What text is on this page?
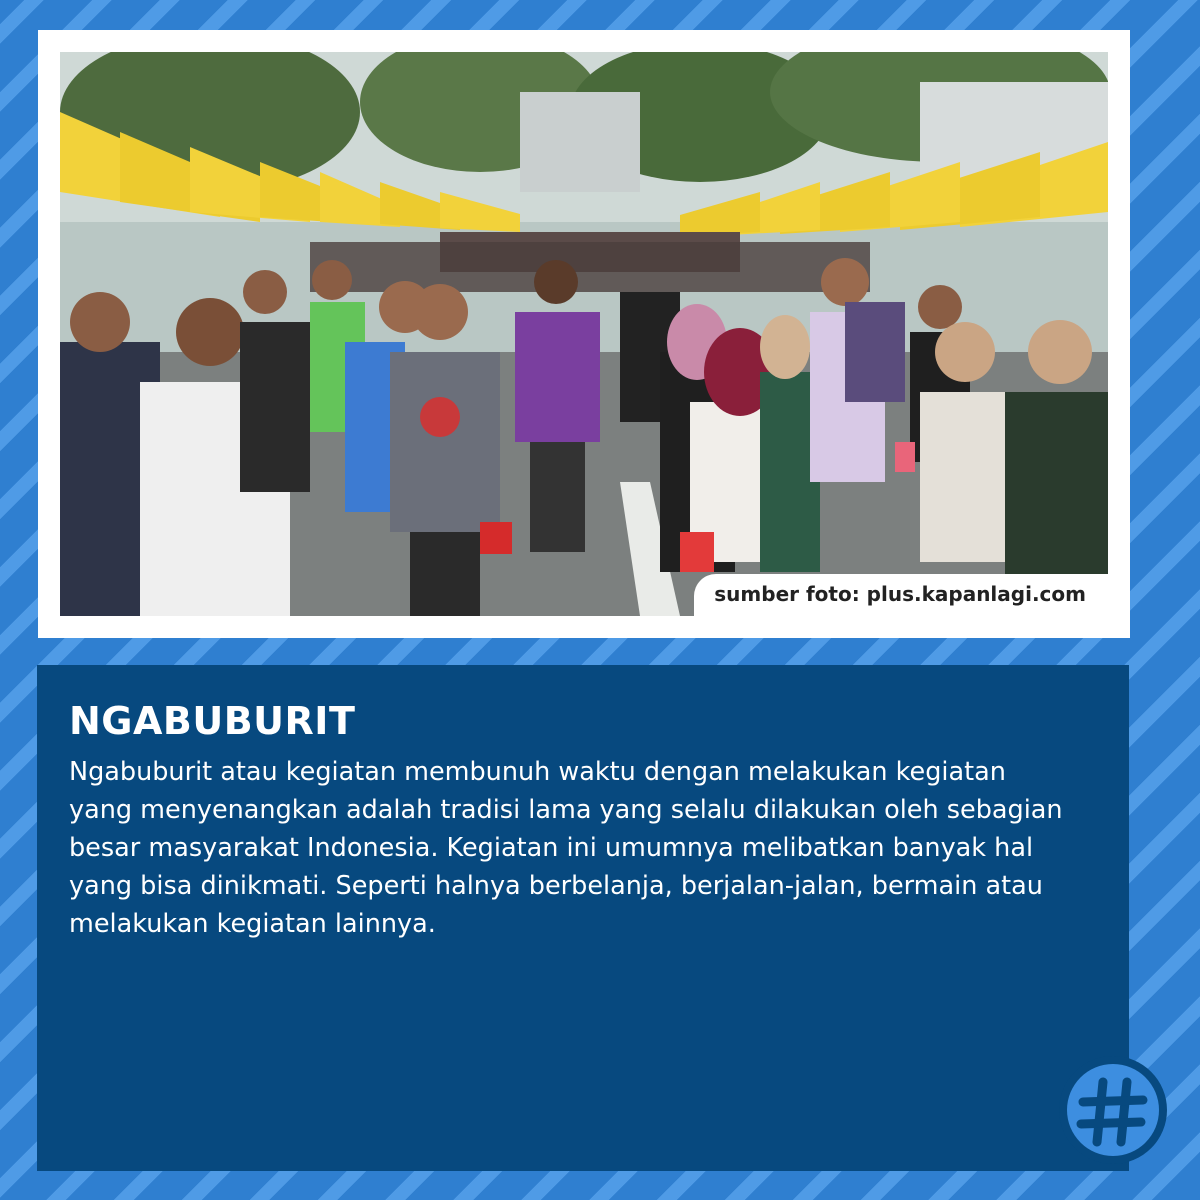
sumber foto: plus.kapanlagi.com
NGABUBURIT

Ngabuburit atau kegiatan membunuh waktu dengan melakukan kegiatan yang menyenangkan adalah tradisi lama yang selalu dilakukan oleh sebagian besar masyarakat Indonesia. Kegiatan ini umumnya melibatkan banyak hal yang bisa dinikmati. Seperti halnya berbelanja, berjalan-jalan, bermain atau melakukan kegiatan lainnya.
